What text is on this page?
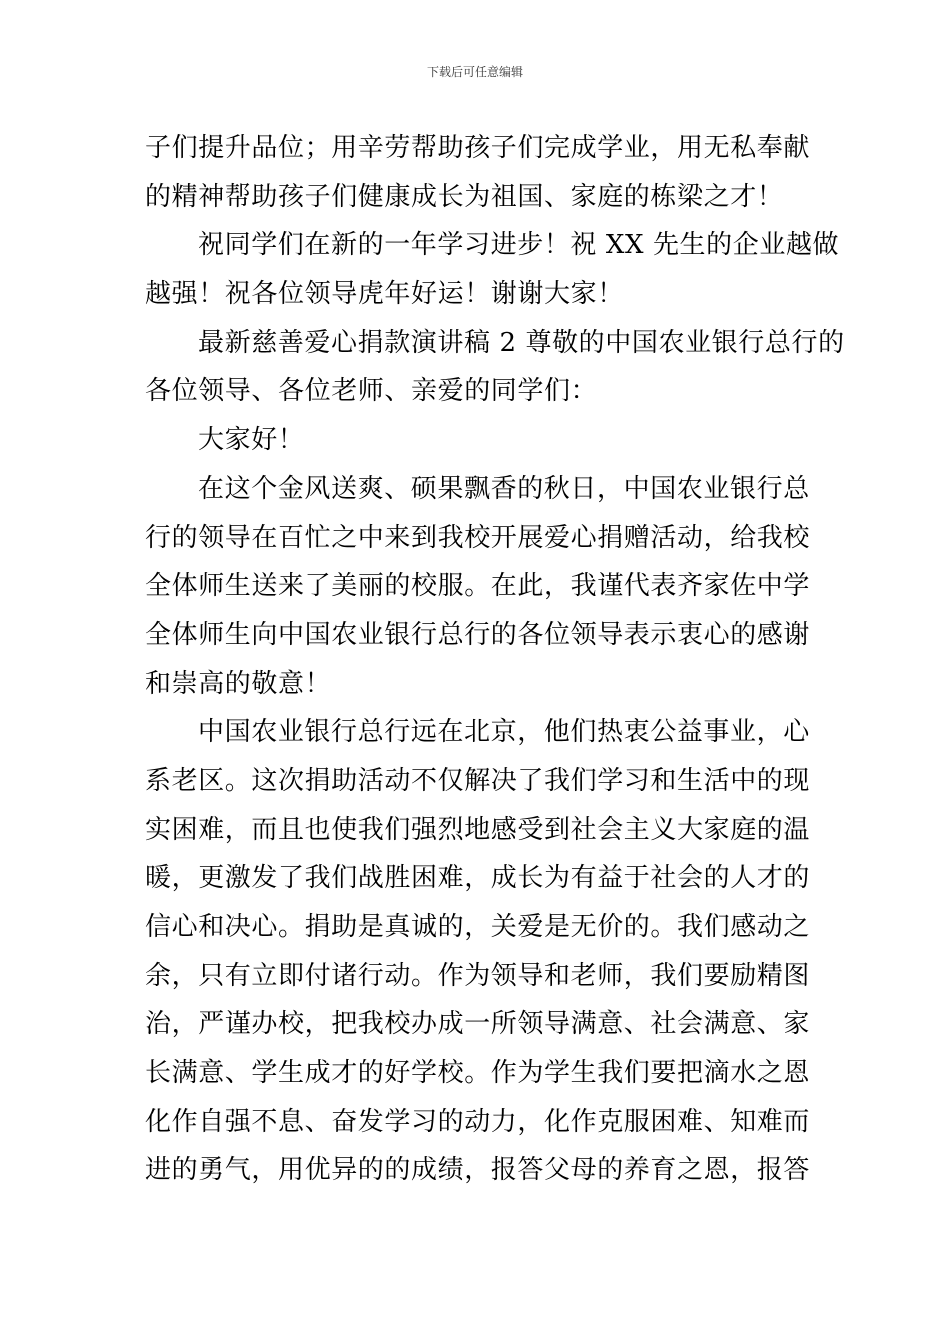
下载后可任意编辑
子们提升品位；用辛劳帮助孩子们完成学业，用无私奉献
的精神帮助孩子们健康成长为祖国、家庭的栋梁之才！
祝同学们在新的一年学习进步！祝 XX 先生的企业越做
越强！祝各位领导虎年好运！谢谢大家！
最新慈善爱心捐款演讲稿 2 尊敬的中国农业银行总行的
各位领导、各位老师、亲爱的同学们：
大家好！
在这个金风送爽、硕果飘香的秋日，中国农业银行总
行的领导在百忙之中来到我校开展爱心捐赠活动，给我校
全体师生送来了美丽的校服。在此，我谨代表齐家佐中学
全体师生向中国农业银行总行的各位领导表示衷心的感谢
和崇高的敬意！
中国农业银行总行远在北京，他们热衷公益事业，心
系老区。这次捐助活动不仅解决了我们学习和生活中的现
实困难，而且也使我们强烈地感受到社会主义大家庭的温
暖，更激发了我们战胜困难，成长为有益于社会的人才的
信心和决心。捐助是真诚的，关爱是无价的。我们感动之
余，只有立即付诸行动。作为领导和老师，我们要励精图
治，严谨办校，把我校办成一所领导满意、社会满意、家
长满意、学生成才的好学校。作为学生我们要把滴水之恩
化作自强不息、奋发学习的动力，化作克服困难、知难而
进的勇气，用优异的的成绩，报答父母的养育之恩，报答
